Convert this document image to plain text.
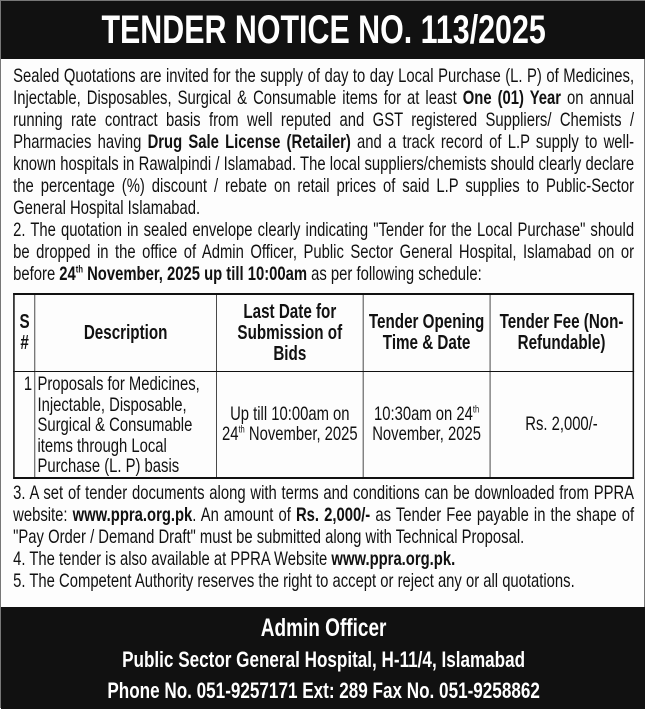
TENDER NOTICE NO. 113/2025

Sealed Quotations are invited for the supply of day to day Local Purchase (L. P) of Medicines, Injectable, Disposables, Surgical & Consumable items for at least One (01) Year on annual running rate contract basis from well reputed and GST registered Suppliers/ Chemists / Pharmacies having Drug Sale License (Retailer) and a track record of L.P supply to well-known hospitals in Rawalpindi / Islamabad. The local suppliers/chemists should clearly declare the percentage (%) discount / rebate on retail prices of said L.P supplies to Public-Sector General Hospital Islamabad.

2. The quotation in sealed envelope clearly indicating "Tender for the Local Purchase" should be dropped in the office of Admin Officer, Public Sector General Hospital, Islamabad on or before 24th November, 2025 up till 10:00am as per following schedule:

S #	Description	Last Date for Submission of Bids	Tender Opening Time & Date	Tender Fee (Non-Refundable)
1	Proposals for Medicines, Injectable, Disposable, Surgical & Consumable items through Local Purchase (L. P) basis	Up till 10:00am on 24th November, 2025	10:30am on 24th November, 2025	Rs. 2,000/-

3. A set of tender documents along with terms and conditions can be downloaded from PPRA website: www.ppra.org.pk. An amount of Rs. 2,000/- as Tender Fee payable in the shape of "Pay Order / Demand Draft" must be submitted along with Technical Proposal.

4. The tender is also available at PPRA Website www.ppra.org.pk.

5. The Competent Authority reserves the right to accept or reject any or all quotations.

Admin Officer
Public Sector General Hospital, H-11/4, Islamabad
Phone No. 051-9257171 Ext: 289 Fax No. 051-9258862
